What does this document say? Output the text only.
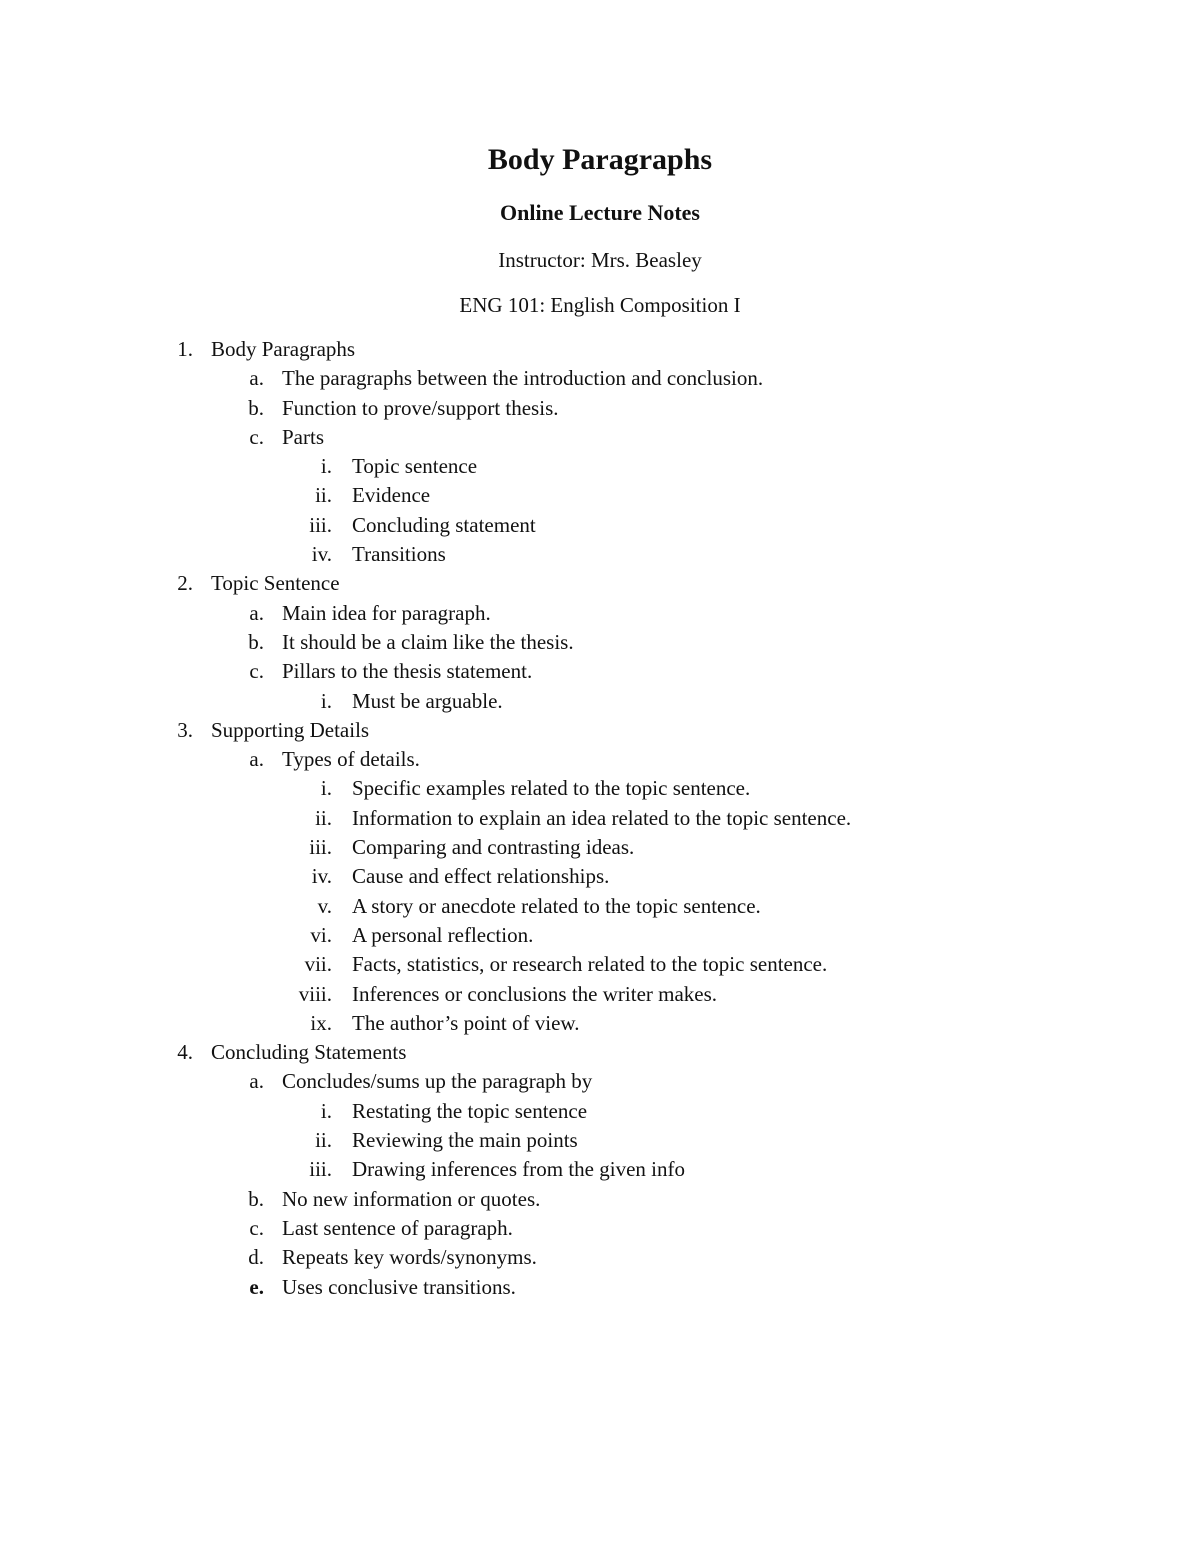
Body Paragraphs
Online Lecture Notes

Instructor: Mrs. Beasley

ENG 101: English Composition I

1. Body Paragraphs
a. The paragraphs between the introduction and conclusion.
b. Function to prove/support thesis.
c. Parts
i. Topic sentence
ii. Evidence
iii. Concluding statement
iv. Transitions
2. Topic Sentence
a. Main idea for paragraph.
b. It should be a claim like the thesis.
c. Pillars to the thesis statement.
i. Must be arguable.
3. Supporting Details
a. Types of details.
i. Specific examples related to the topic sentence.
ii. Information to explain an idea related to the topic sentence.
iii. Comparing and contrasting ideas.
iv. Cause and effect relationships.
v. A story or anecdote related to the topic sentence.
vi. A personal reflection.
vii. Facts, statistics, or research related to the topic sentence.
viii. Inferences or conclusions the writer makes.
ix. The author’s point of view.
4. Concluding Statements
a. Concludes/sums up the paragraph by
i. Restating the topic sentence
ii. Reviewing the main points
iii. Drawing inferences from the given info
b. No new information or quotes.
c. Last sentence of paragraph.
d. Repeats key words/synonyms.
e. Uses conclusive transitions.
